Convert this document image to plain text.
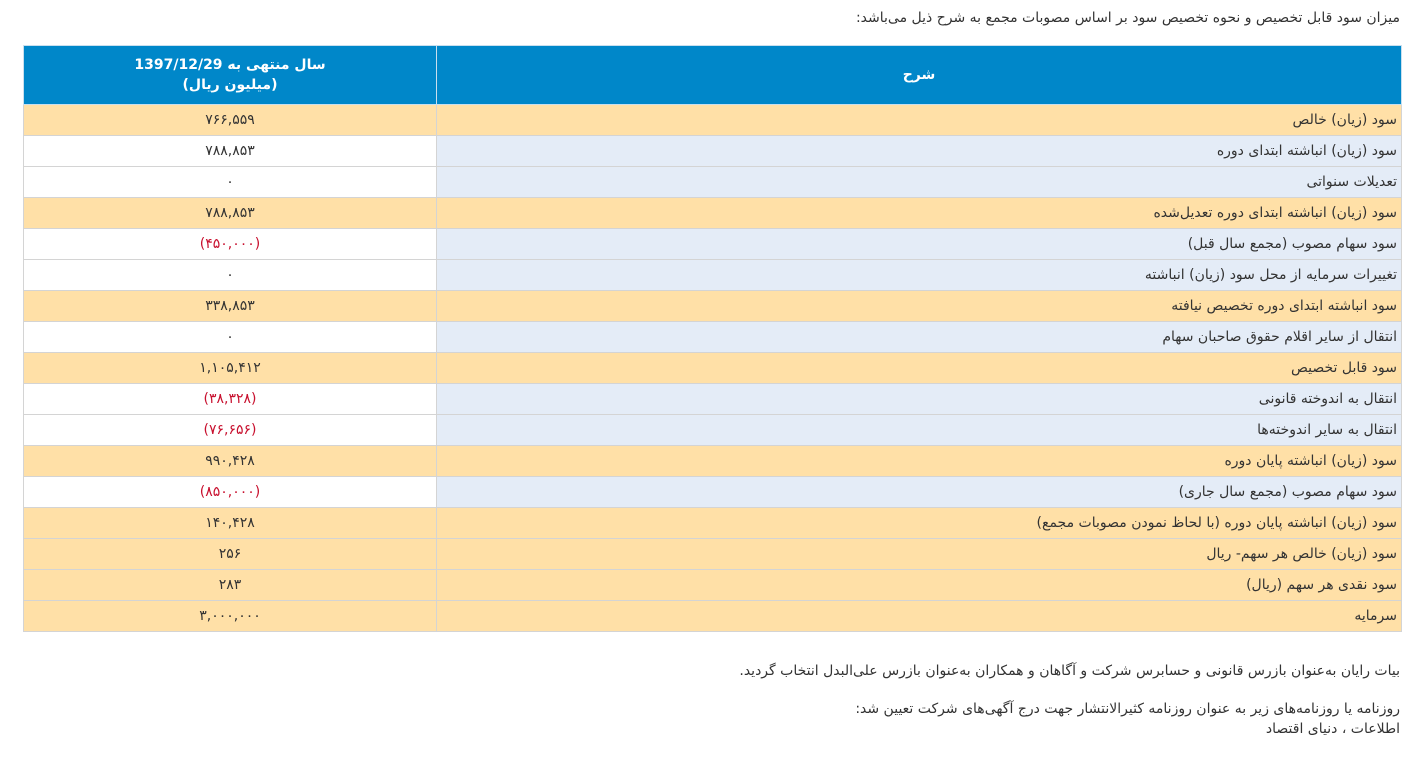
میزان سود قابل تخصیص و نحوه تخصیص سود بر اساس مصوبات مجمع به شرح ذیل می‌باشد:
سال منتهی به 1397/12/29
(میلیون ریال)	شرح
۷۶۶,۵۵۹	سود (زیان) خالص
۷۸۸,۸۵۳	سود (زیان) انباشته ابتدای دوره
۰	تعدیلات سنواتی
۷۸۸,۸۵۳	سود (زیان) انباشته ابتدای دوره تعدیل‌شده
(۴۵۰,۰۰۰)	سود سهام مصوب (مجمع سال قبل)
۰	تغییرات سرمایه از محل سود (زیان) انباشته
۳۳۸,۸۵۳	سود انباشته ابتدای دوره تخصیص نیافته
۰	انتقال از سایر اقلام حقوق صاحبان سهام
۱,۱۰۵,۴۱۲	سود قابل تخصیص
(۳۸,۳۲۸)	انتقال به اندوخته قانونی
(۷۶,۶۵۶)	انتقال به سایر اندوخته‌ها
۹۹۰,۴۲۸	سود (زیان) انباشته پایان دوره
(۸۵۰,۰۰۰)	سود سهام مصوب (مجمع سال جاری)
۱۴۰,۴۲۸	سود (زیان) انباشته پایان دوره (با لحاظ نمودن مصوبات مجمع)
۲۵۶	سود (زیان) خالص هر سهم- ریال
۲۸۳	سود نقدی هر سهم (ریال)
۳,۰۰۰,۰۰۰	سرمایه
بیات رایان به‌عنوان بازرس قانونی و حسابرس شرکت و آگاهان و همکاران به‌عنوان بازرس علی‌البدل انتخاب گردید.
روزنامه یا روزنامه‌های زیر به عنوان روزنامه کثیرالانتشار جهت درج آگهی‌های شرکت تعیین شد:
اطلاعات ، دنیای اقتصاد
